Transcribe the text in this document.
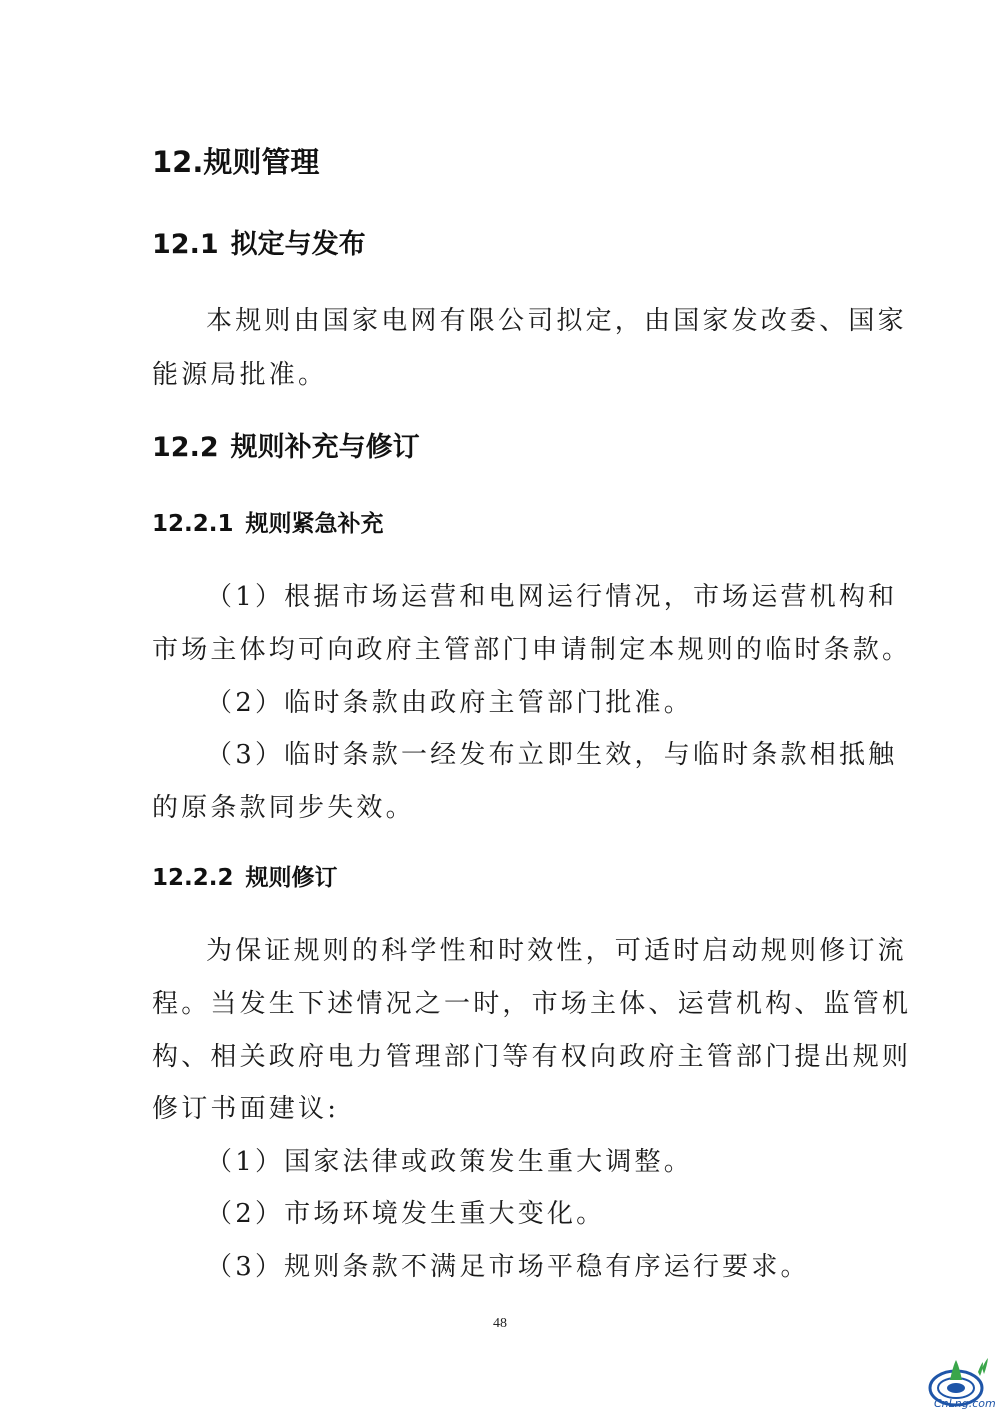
12.规则管理
12.1 拟定与发布
本规则由国家电网有限公司拟定，由国家发改委、国家
能源局批准。
12.2 规则补充与修订
12.2.1 规则紧急补充
（1）根据市场运营和电网运行情况，市场运营机构和
市场主体均可向政府主管部门申请制定本规则的临时条款。
（2）临时条款由政府主管部门批准。
（3）临时条款一经发布立即生效，与临时条款相抵触
的原条款同步失效。
12.2.2 规则修订
为保证规则的科学性和时效性，可适时启动规则修订流
程。当发生下述情况之一时，市场主体、运营机构、监管机
构、相关政府电力管理部门等有权向政府主管部门提出规则
修订书面建议:
（1）国家法律或政策发生重大调整。
（2）市场环境发生重大变化。
（3）规则条款不满足市场平稳有序运行要求。
48
CnLng.com
